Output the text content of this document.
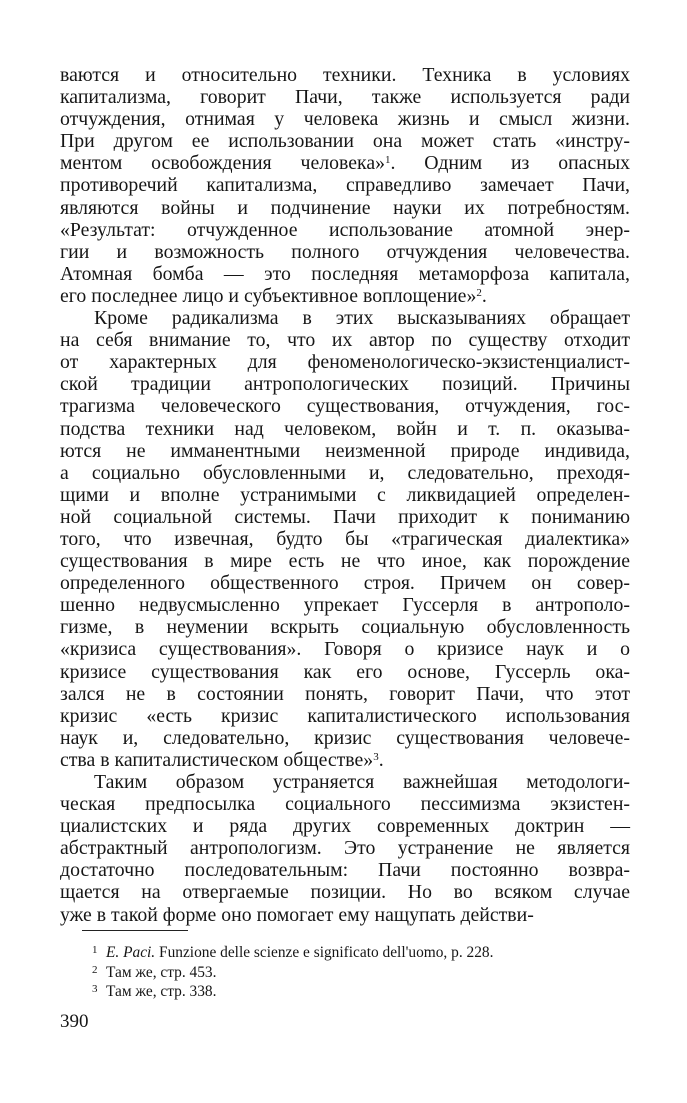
ваются и относительно техники. Техника в условиях
капитализма, говорит Пачи, также используется ради
отчуждения, отнимая у человека жизнь и смысл жизни.
При другом ее использовании она может стать «инстру-
ментом освобождения человека»$^1$. Одним из опасных
противоречий капитализма, справедливо замечает Пачи,
являются войны и подчинение науки их потребностям.
«Результат: отчужденное использование атомной энер-
гии и возможность полного отчуждения человечества.
Атомная бомба — это последняя метаморфоза капитала,
его последнее лицо и субъективное воплощение»$^2$.
Кроме радикализма в этих высказываниях обращает
на себя внимание то, что их автор по существу отходит
от характерных для феноменологическо-экзистенциалист-
ской традиции антропологических позиций. Причины
трагизма человеческого существования, отчуждения, гос-
подства техники над человеком, войн и т. п. оказыва-
ются не имманентными неизменной природе индивида,
а социально обусловленными и, следовательно, преходя-
щими и вполне устранимыми с ликвидацией определен-
ной социальной системы. Пачи приходит к пониманию
того, что извечная, будто бы «трагическая диалектика»
существования в мире есть не что иное, как порождение
определенного общественного строя. Причем он совер-
шенно недвусмысленно упрекает Гуссерля в антрополо-
гизме, в неумении вскрыть социальную обусловленность
«кризиса существования». Говоря о кризисе наук и о
кризисе существования как его основе, Гуссерль ока-
зался не в состоянии понять, говорит Пачи, что этот
кризис «есть кризис капиталистического использования
наук и, следовательно, кризис существования человече-
ства в капиталистическом обществе»$^3$.
Таким образом устраняется важнейшая методологи-
ческая предпосылка социального пессимизма экзистен-
циалистских и ряда других современных доктрин —
абстрактный антропологизм. Это устранение не является
достаточно последовательным: Пачи постоянно возвра-
щается на отвергаемые позиции. Но во всяком случае
уже в такой форме оно помогает ему нащупать действи-
1 E. Paci. Funzione delle scienze e significato dell'uomo, p. 228.
2 Там же, стр. 453.
3 Там же, стр. 338.
390
